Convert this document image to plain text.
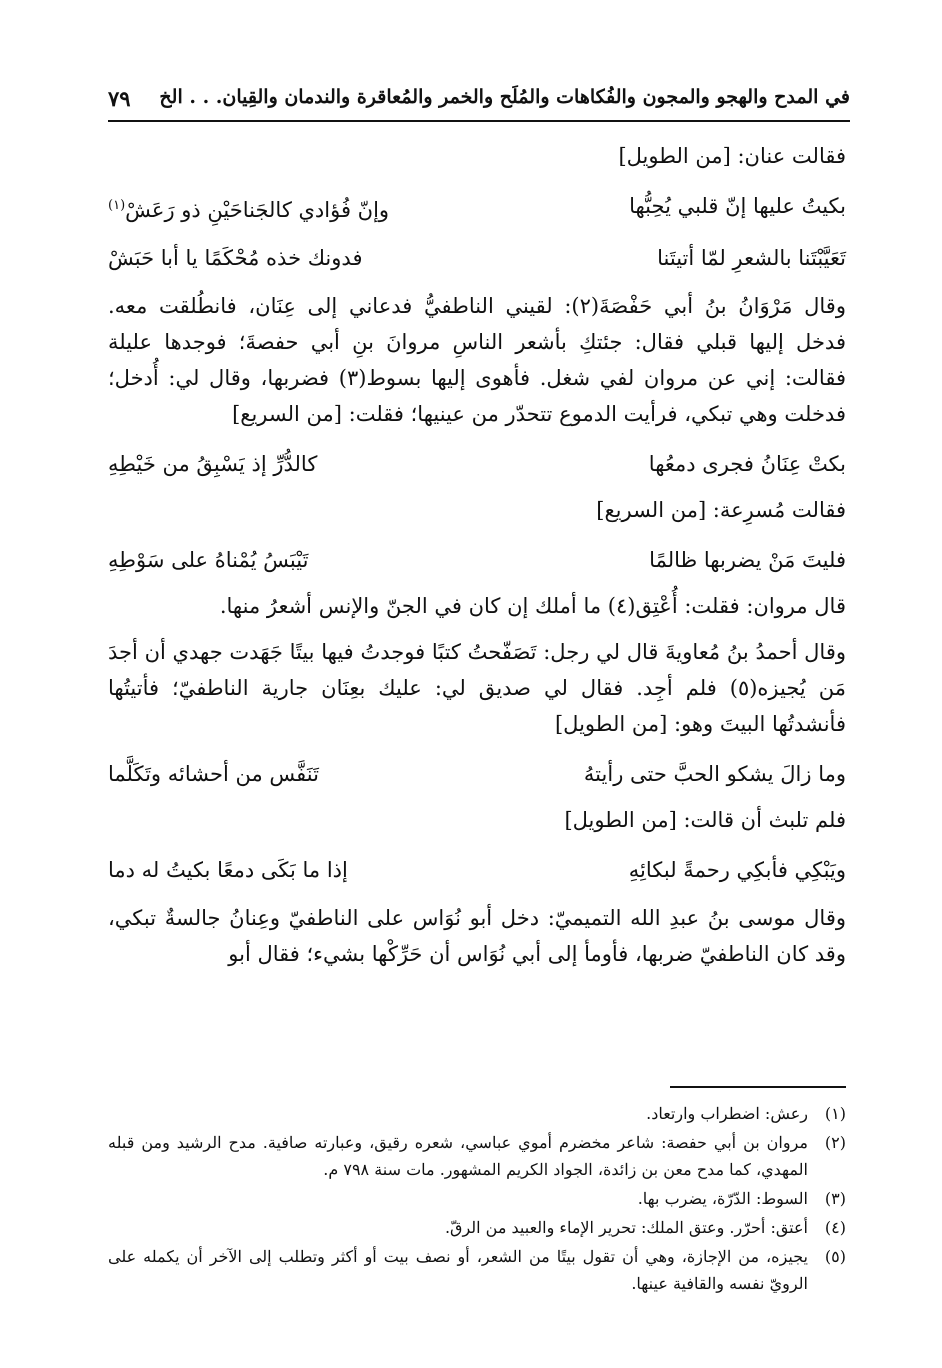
في المدح والهجو والمجون والفُكاهات والمُلَح والخمر والمُعاقرة والندمان والقِيان. . . الخ
٧٩

فقالت عنان: [من الطويل]

بكيتُ عليها إنّ قلبي يُحِبُّها
وإنّ فُؤادي كالجَناحَيْنِ ذو رَعَشْ$^{(١)}$
تَعَيَّبْتَنا بالشعرِ لمّا أتيتَنا
فدونك خذه مُحْكَمًا يا أبا حَبَشْ

وقال مَرْوَانُ بنُ أبي حَفْصَةَ(٢): لقيني الناطفيُّ فدعاني إلى عِنَان، فانطُلقت معه. فدخل إليها قبلي فقال: جئتكِ بأشعر الناسِ مروانَ بنِ أبي حفصةَ؛ فوجدها عليلة فقالت: إني عن مروان لفي شغل. فأهوى إليها بسوط(٣) فضربها، وقال لي: أُدخل؛ فدخلت وهي تبكي، فرأيت الدموع تتحدّر من عينيها؛ فقلت: [من السريع]

بكتْ عِنَانُ فجرى دمعُها
كالدُّرِّ إذ يَسْبِقُ من خَيْطِهِ

فقالت مُسرِعة: [من السريع]

فليتَ مَنْ يضربها ظالمًا
تَيْبَسُ يُمْناهُ على سَوْطِهِ

قال مروان: فقلت: أُعْتِق(٤) ما أملك إن كان في الجنّ والإنس أشعرُ منها.

وقال أحمدُ بنُ مُعاويةَ قال لي رجل: تَصَفّحتُ كتبًا فوجدتُ فيها بيتًا جَهَدت جهدي أن أجدَ مَن يُجيزه(٥) فلم أجِد. فقال لي صديق لي: عليك بعِنَان جارية الناطفيّ؛ فأتيتُها فأنشدتُها البيتَ وهو: [من الطويل]

وما زالَ يشكو الحبَّ حتى رأيتهُ
تَنَفَّس من أحشائه وتَكَلَّما

فلم تلبث أن قالت: [من الطويل]

ويَبْكِي فأبكِي رحمةً لبكائِهِ
إذا ما بَكَى دمعًا بكيتُ له دما

وقال موسى بنُ عبدِ الله التميميّ: دخل أبو نُوَاس على الناطفيّ وعِنانُ جالسةٌ تبكي، وقد كان الناطفيّ ضربها، فأومأ إلى أبي نُوَاس أن حَرِّكْها بشيء؛ فقال أبو

(١)
رعش: اضطراب وارتعاد.
(٢)
مروان بن أبي حفصة: شاعر مخضرم أموي عباسي، شعره رقيق، وعبارته صافية. مدح الرشيد ومن قبله المهدي، كما مدح معن بن زائدة، الجواد الكريم المشهور. مات سنة ٧٩٨ م.
(٣)
السوط: الدّرّة، يضرب بها.
(٤)
أعتق: أحرّر. وعتق الملك: تحرير الإماء والعبيد من الرقّ.
(٥)
يجيزه، من الإجازة، وهي أن تقول بيتًا من الشعر، أو نصف بيت أو أكثر وتطلب إلى الآخر أن يكمله على الرويّ نفسه والقافية عينها.
